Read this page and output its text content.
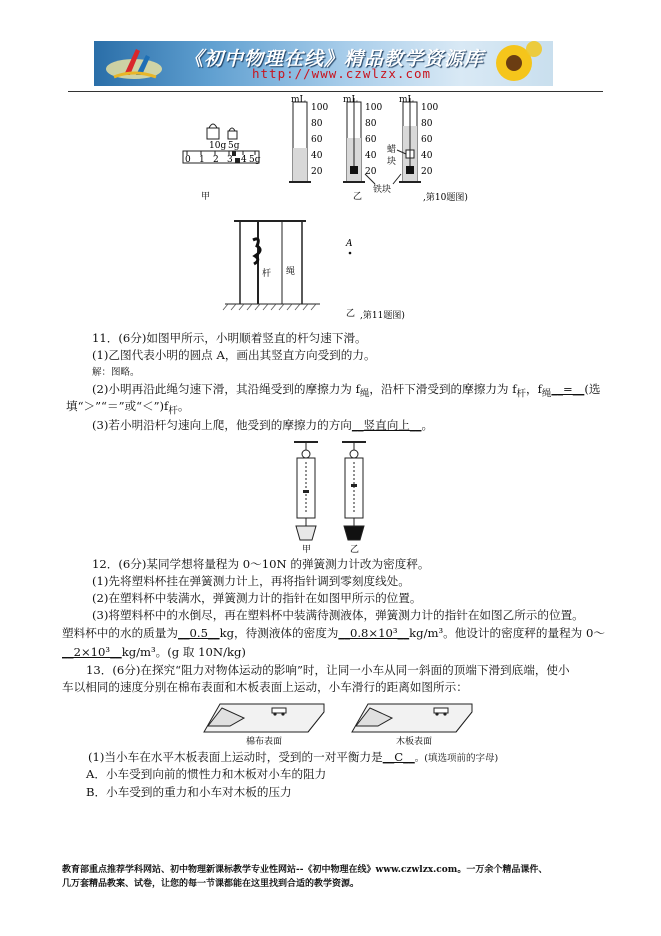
《初中物理在线》精品教学资源库
http://www.czwlzx.com
10g 5g
0 1 2 3 4 5g
甲
mL
100
80
60
40
20
mL
100
80
60
40
20
mL
100
80
60
40
20
蜡
块
铁块
乙	,第10题图)
杆 绳
A
乙 ,第11题图)
11．(6分)如图甲所示，小明顺着竖直的杆匀速下滑。
(1)乙图代表小明的圆点 A，画出其竖直方向受到的力。
解：图略。
(2)小明再沿此绳匀速下滑，其沿绳受到的摩擦力为 $f_绳$，沿杆下滑受到的摩擦力为 $f_杆$，$f_绳\_\_=\_\_$(选
填“＞”“＝”或“$<”)f_杆$。
(3)若小明沿杆匀速向上爬，他受到的摩擦力的方向__竖直向上__。
甲	乙
12．(6分)某同学想将量程为 0～10N 的弹簧测力计改为密度秤。
(1)先将塑料杯挂在弹簧测力计上，再将指针调到零刻度线处。
(2)在塑料杯中装满水，弹簧测力计的指针在如图甲所示的位置。
(3)将塑料杯中的水倒尽，再在塑料杯中装满待测液体，弹簧测力计的指针在如图乙所示的位置。
塑料杯中的水的质量为__0.5__kg，待测液体的密度为__0.8×10³__kg/m³。他设计的密度秤的量程为 0～
__2×10³__kg/m³。(g 取 10N/kg)
13．(6分)在探究“阻力对物体运动的影响”时，让同一小车从同一斜面的顶端下滑到底端，使小
车以相同的速度分别在棉布表面和木板表面上运动，小车滑行的距离如图所示：
棉布表面	木板表面
(1)当小车在水平木板表面上运动时，受到的一对平衡力是__C__。(填选项前的字母)
A．小车受到向前的惯性力和木板对小车的阻力
B．小车受到的重力和小车对木板的压力
教育部重点推荐学科网站、初中物理新课标教学专业性网站--《初中物理在线》www.czwlzx.com。一万余个精品课件、
几万套精品教案、试卷，让您的每一节课都能在这里找到合适的教学资源。
